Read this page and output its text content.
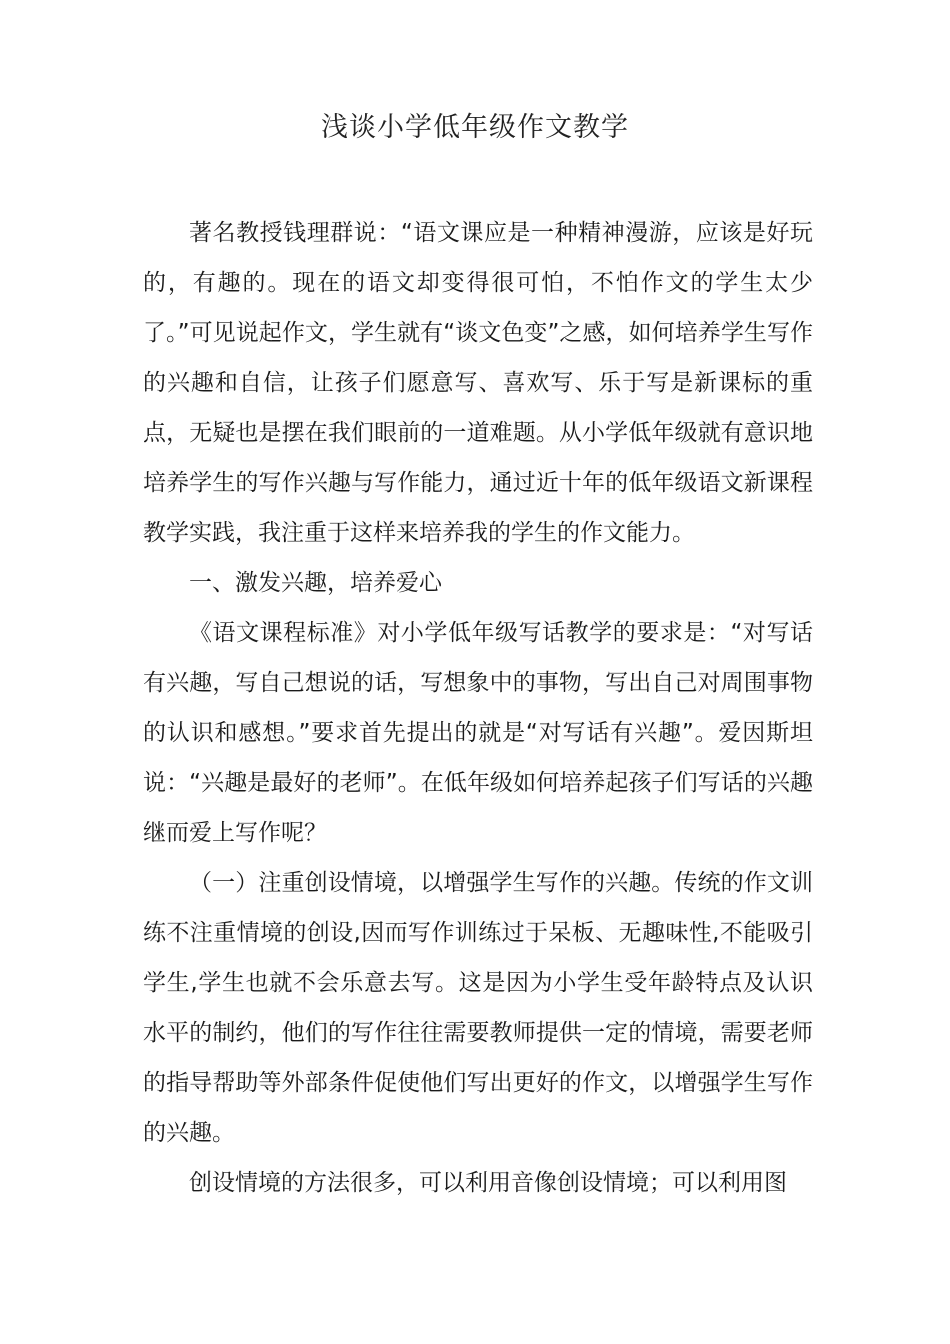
浅谈小学低年级作文教学

著名教授钱理群说：“语文课应是一种精神漫游，应该是好玩的，有趣的。现在的语文却变得很可怕，不怕作文的学生太少了。”可见说起作文，学生就有“谈文色变”之感，如何培养学生写作的兴趣和自信，让孩子们愿意写、喜欢写、乐于写是新课标的重点，无疑也是摆在我们眼前的一道难题。从小学低年级就有意识地培养学生的写作兴趣与写作能力，通过近十年的低年级语文新课程教学实践，我注重于这样来培养我的学生的作文能力。

一、激发兴趣，培养爱心

《语文课程标准》对小学低年级写话教学的要求是：“对写话有兴趣，写自己想说的话，写想象中的事物，写出自己对周围事物的认识和感想。”要求首先提出的就是“对写话有兴趣”。爱因斯坦说：“兴趣是最好的老师”。在低年级如何培养起孩子们写话的兴趣继而爱上写作呢？

（一）注重创设情境，以增强学生写作的兴趣。传统的作文训练不注重情境的创设,因而写作训练过于呆板、无趣味性,不能吸引学生,学生也就不会乐意去写。这是因为小学生受年龄特点及认识水平的制约，他们的写作往往需要教师提供一定的情境，需要老师的指导帮助等外部条件促使他们写出更好的作文，以增强学生写作的兴趣。

创设情境的方法很多，可以利用音像创设情境；可以利用图
